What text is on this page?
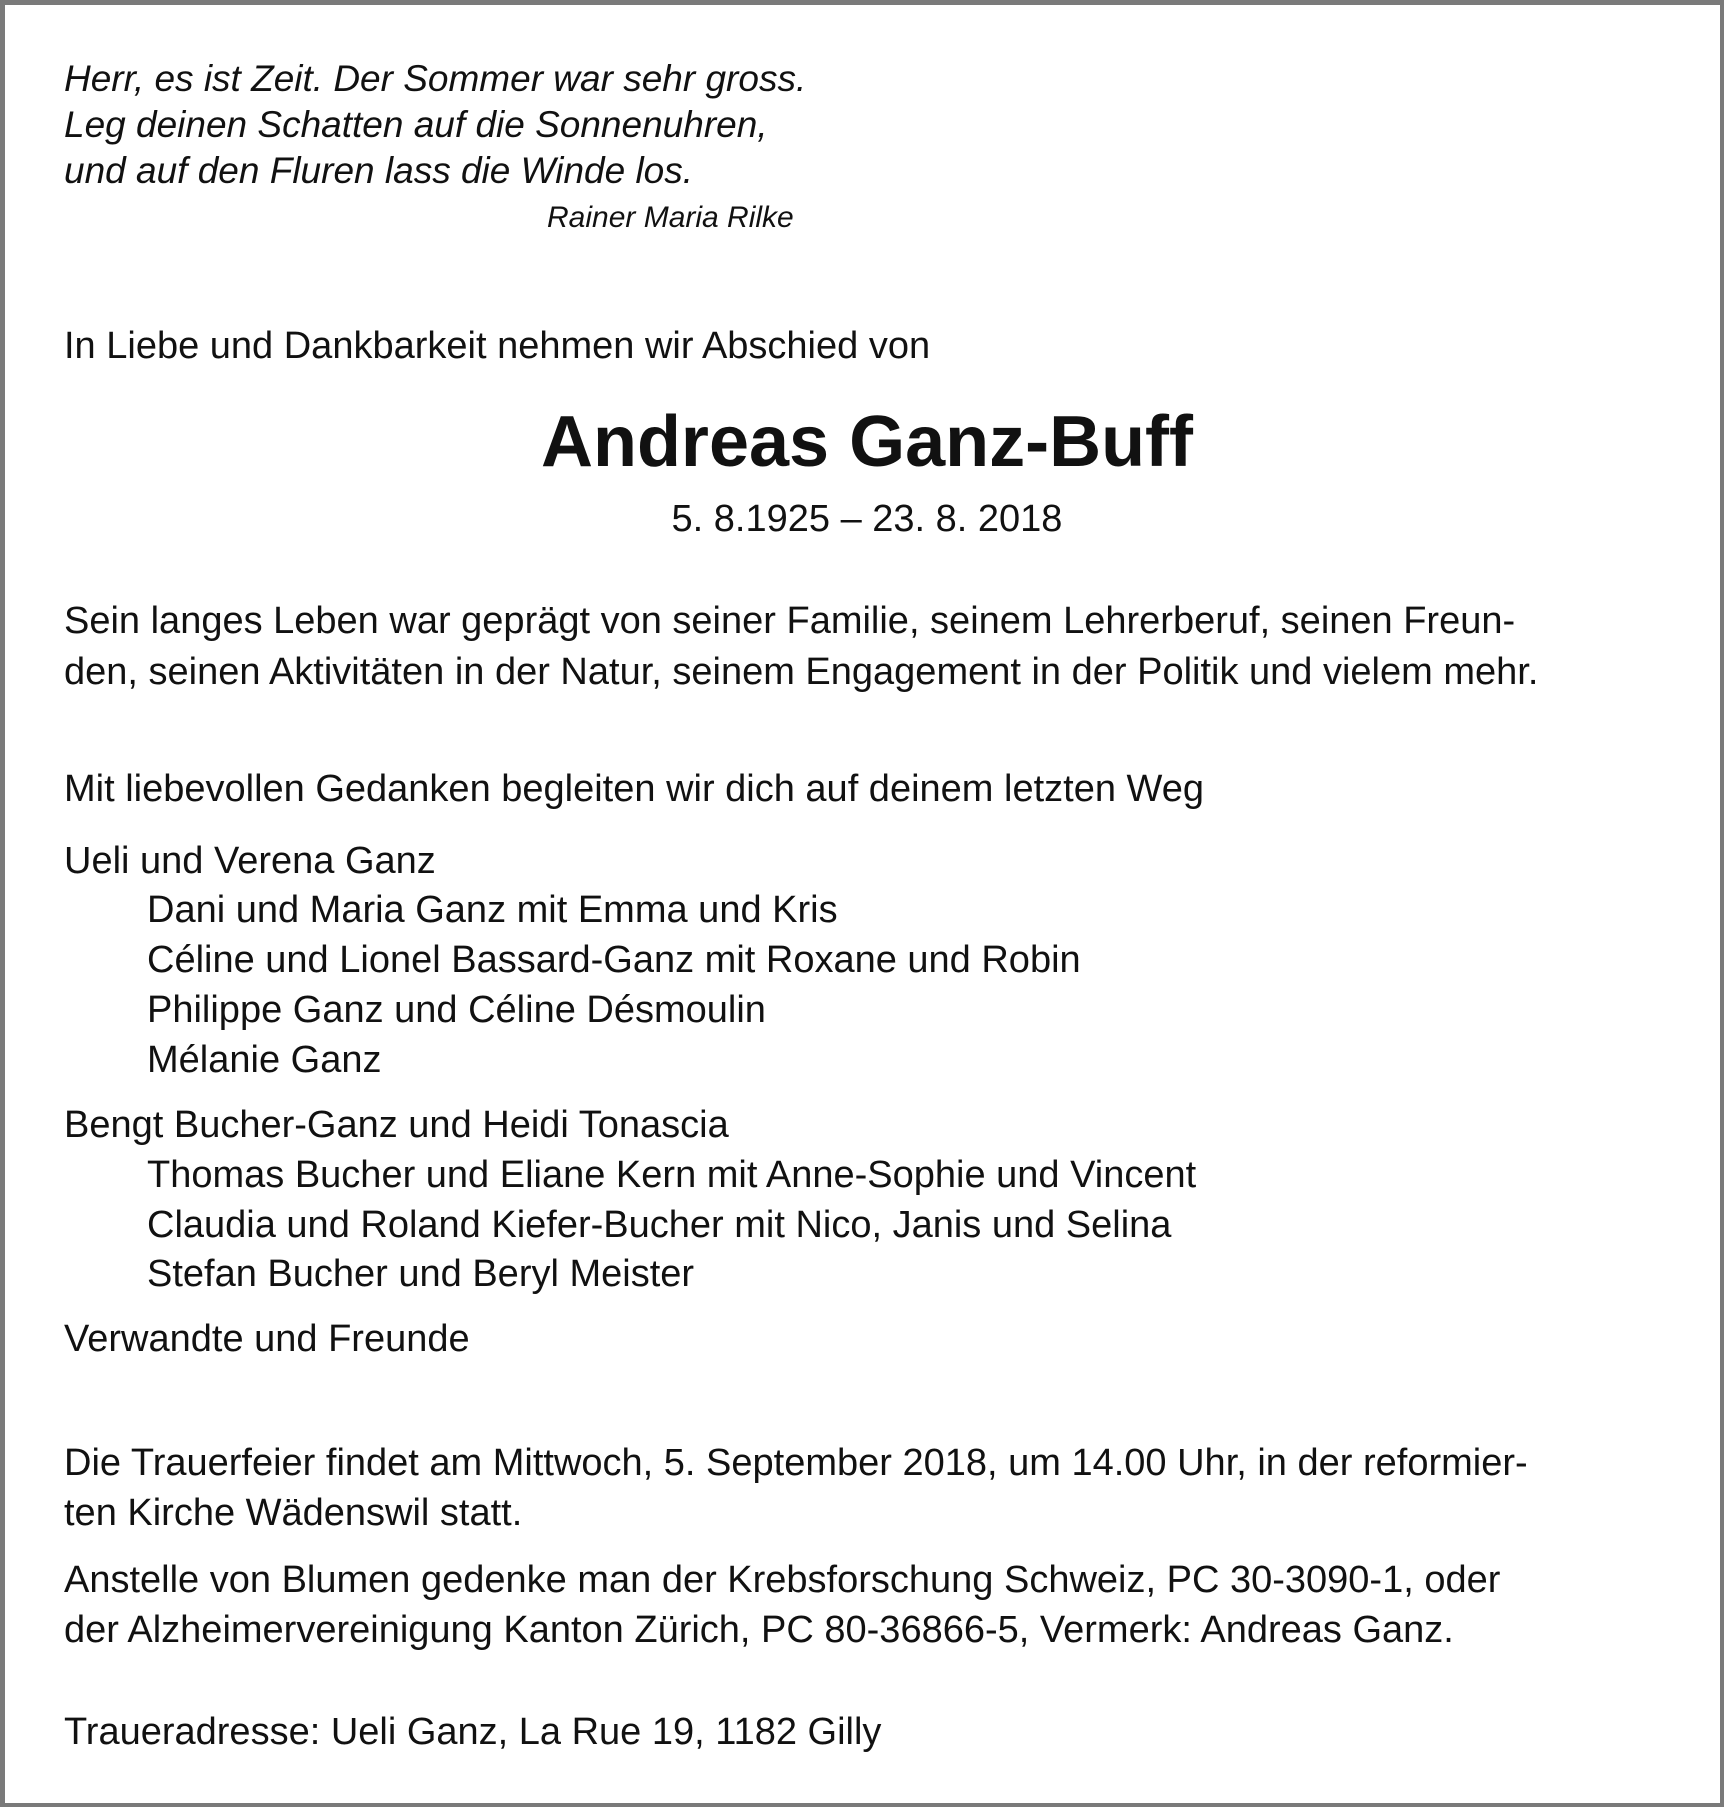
Herr, es ist Zeit. Der Sommer war sehr gross.

Leg deinen Schatten auf die Sonnenuhren,

und auf den Fluren lass die Winde los.

Rainer Maria Rilke

In Liebe und Dankbarkeit nehmen wir Abschied von

Andreas Ganz-Buff

5. 8.1925 – 23. 8. 2018

Sein langes Leben war geprägt von seiner Familie, seinem Lehrerberuf, seinen Freun-

den, seinen Aktivitäten in der Natur, seinem Engagement in der Politik und vielem mehr.

Mit liebevollen Gedanken begleiten wir dich auf deinem letzten Weg

Ueli und Verena Ganz

Dani und Maria Ganz mit Emma und Kris

Céline und Lionel Bassard-Ganz mit Roxane und Robin

Philippe Ganz und Céline Désmoulin

Mélanie Ganz

Bengt Bucher-Ganz und Heidi Tonascia

Thomas Bucher und Eliane Kern mit Anne-Sophie und Vincent

Claudia und Roland Kiefer-Bucher mit Nico, Janis und Selina

Stefan Bucher und Beryl Meister

Verwandte und Freunde

Die Trauerfeier findet am Mittwoch, 5. September 2018, um 14.00 Uhr, in der reformier-

ten Kirche Wädenswil statt.

Anstelle von Blumen gedenke man der Krebsforschung Schweiz, PC 30-3090-1, oder

der Alzheimervereinigung Kanton Zürich, PC 80-36866-5, Vermerk: Andreas Ganz.

Traueradresse: Ueli Ganz, La Rue 19, 1182 Gilly
